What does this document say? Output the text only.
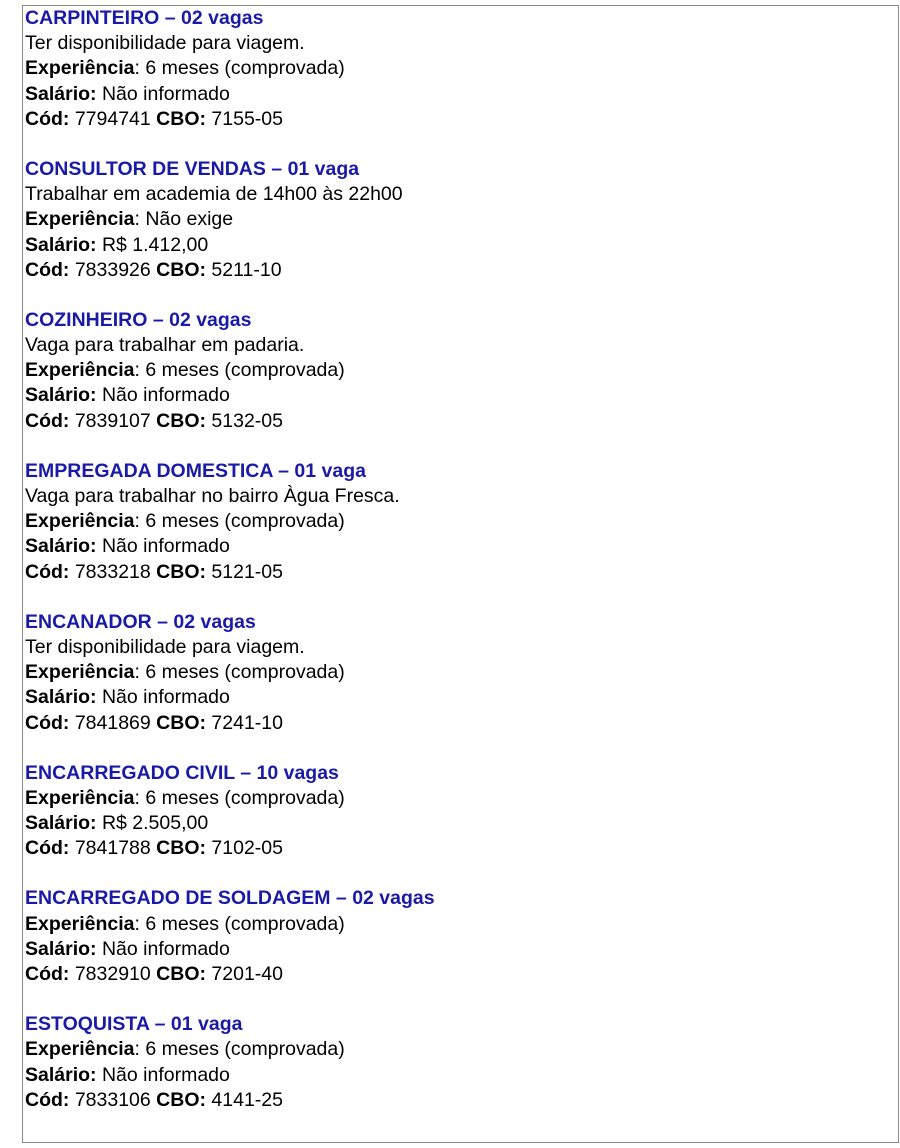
CARPINTEIRO – 02 vagas
Ter disponibilidade para viagem.
Experiência: 6 meses (comprovada)
Salário: Não informado
Cód: 7794741 CBO: 7155-05
CONSULTOR DE VENDAS – 01 vaga
Trabalhar em academia de 14h00 às 22h00
Experiência: Não exige
Salário: R$ 1.412,00
Cód: 7833926 CBO: 5211-10
COZINHEIRO – 02 vagas
Vaga para trabalhar em padaria.
Experiência: 6 meses (comprovada)
Salário: Não informado
Cód: 7839107 CBO: 5132-05
EMPREGADA DOMESTICA – 01 vaga
Vaga para trabalhar no bairro Àgua Fresca.
Experiência: 6 meses (comprovada)
Salário: Não informado
Cód: 7833218 CBO: 5121-05
ENCANADOR – 02 vagas
Ter disponibilidade para viagem.
Experiência: 6 meses (comprovada)
Salário: Não informado
Cód: 7841869 CBO: 7241-10
ENCARREGADO CIVIL – 10 vagas
Experiência: 6 meses (comprovada)
Salário: R$ 2.505,00
Cód: 7841788 CBO: 7102-05
ENCARREGADO DE SOLDAGEM – 02 vagas
Experiência: 6 meses (comprovada)
Salário: Não informado
Cód: 7832910 CBO: 7201-40
ESTOQUISTA – 01 vaga
Experiência: 6 meses (comprovada)
Salário: Não informado
Cód: 7833106 CBO: 4141-25
